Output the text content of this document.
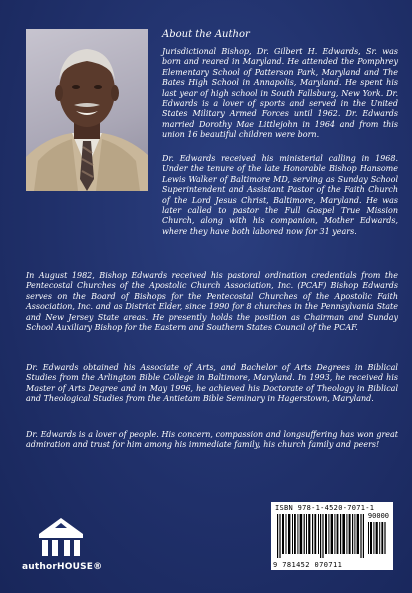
About the Author

Jurisdictional Bishop, Dr. Gilbert H. Edwards, Sr. was born and reared in Maryland. He attended the Pomphrey Elementary School of Patterson Park, Maryland and The Bates High School in Annapolis, Maryland. He spent his last year of high school in South Fallsburg, New York. Dr. Edwards is a lover of sports and served in the United States Military Armed Forces until 1962. Dr. Edwards married Dorothy Mae Littlejohn in 1964 and from this union 16 beautiful children were born.

Dr. Edwards received his ministerial calling in 1968. Under the tenure of the late Honorable Bishop Hansome Lewis Walker of Baltimore MD, serving as Sunday School Superintendent and Assistant Pastor of the Faith Church of the Lord Jesus Christ, Baltimore, Maryland. He was later called to pastor the Full Gospel True Mission Church, along with his companion, Mother Edwards, where they have both labored now for 31 years.

In August 1982, Bishop Edwards received his pastoral ordination credentials from the Pentecostal Churches of the Apostolic Church Association, Inc. (PCAF) Bishop Edwards serves on the Board of Bishops for the Pentecostal Churches of the Apostolic Faith Association, Inc. and as District Elder, since 1990 for 8 churches in the Pennsylvania State and New Jersey State areas. He presently holds the position as Chairman and Sunday School Auxiliary Bishop for the Eastern and Southern States Council of the PCAF.

Dr. Edwards obtained his Associate of Arts, and Bachelor of Arts Degrees in Biblical Studies from the Arlington Bible College in Baltimore, Maryland. In 1993, he received his Master of Arts Degree and in May 1996, he achieved his Doctorate of Theology in Biblical and Theological Studies from the Antietam Bible Seminary in Hagerstown, Maryland.

Dr. Edwards is a lover of people. His concern, compassion and longsuffering has won great admiration and trust for him among his immediate family, his church family and peers!

authorHOUSE®
ISBN 978-1-4520-7071-1
90000
9 781452 070711
